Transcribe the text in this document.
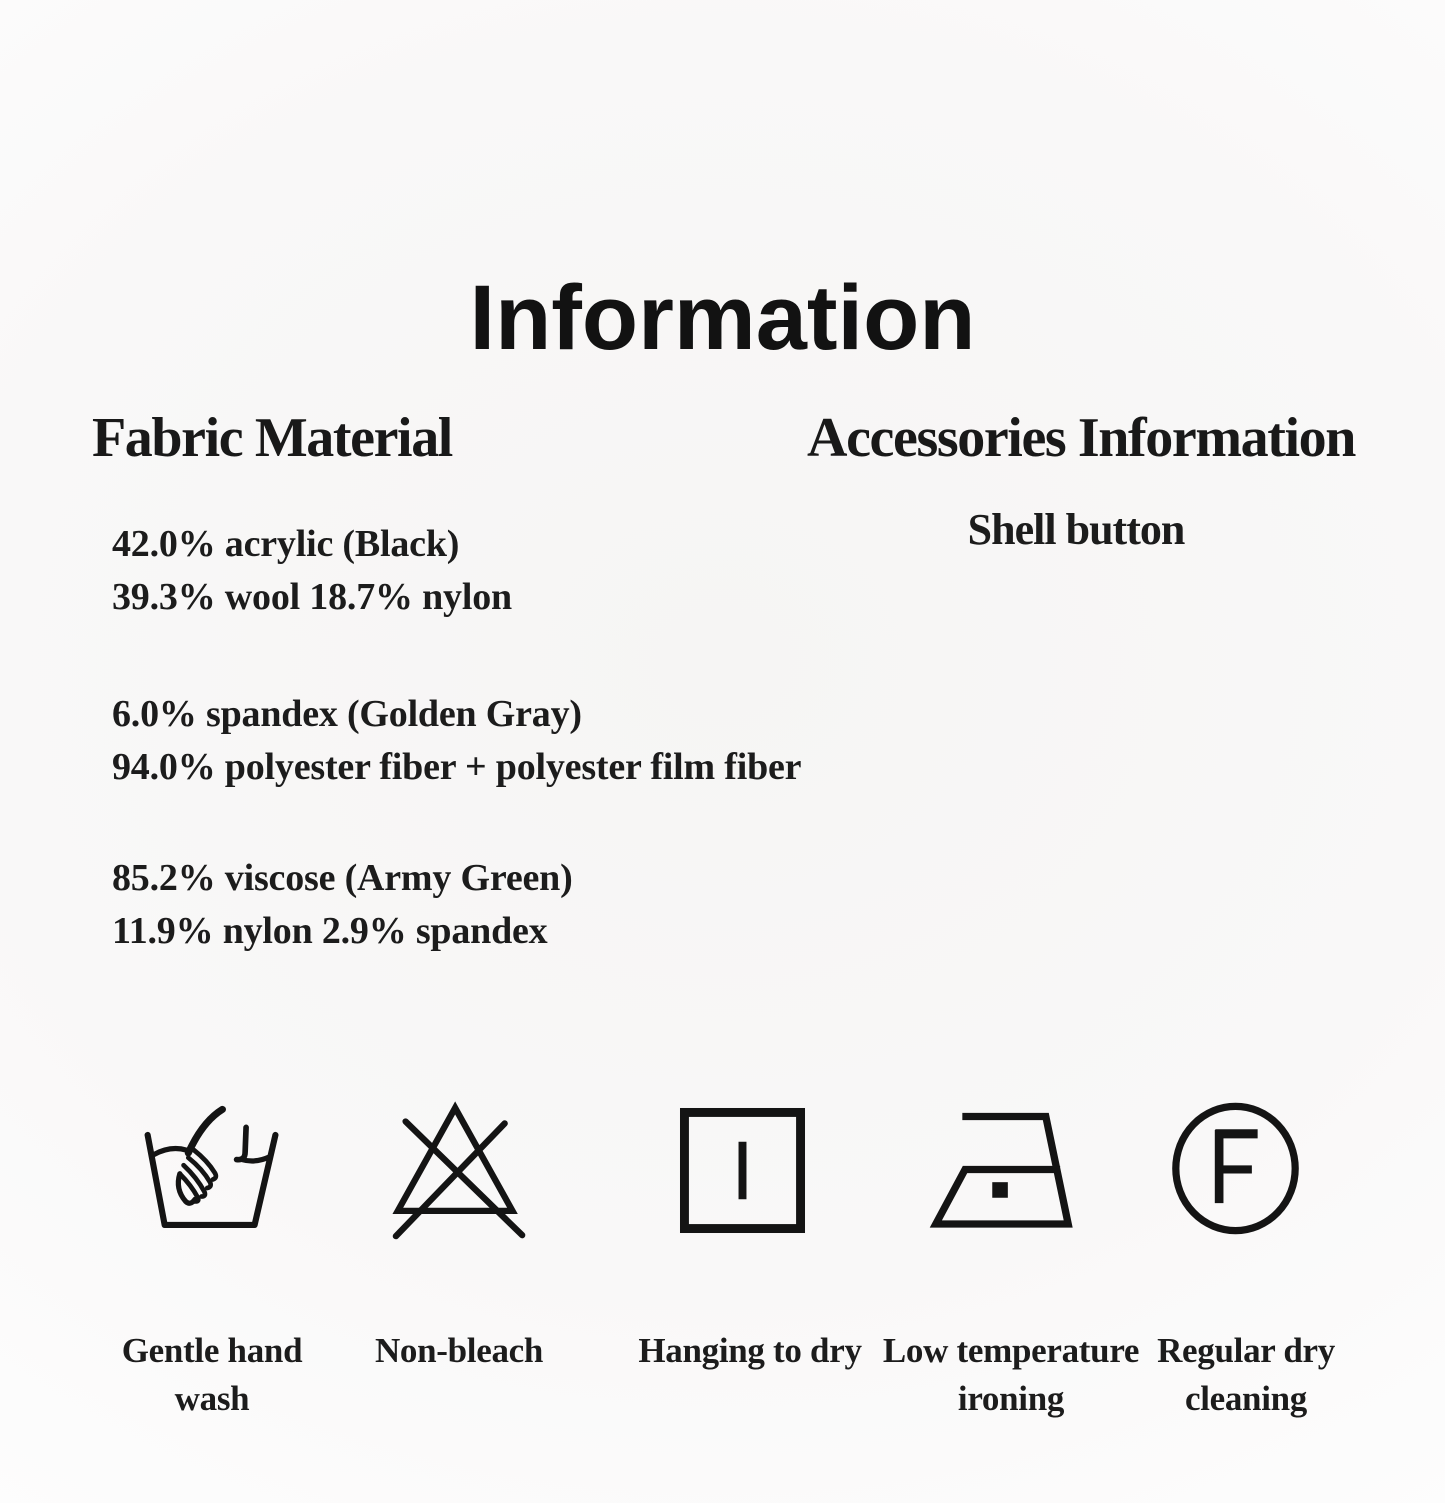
Information
Fabric Material
42.0% acrylic (Black)
39.3% wool 18.7% nylon
6.0% spandex (Golden Gray)
94.0% polyester fiber + polyester film fiber
85.2% viscose (Army Green)
11.9% nylon 2.9% spandex
Accessories Information
Shell button
Gentle hand
wash
Non-bleach	Hanging to dry Low temperature
ironing
Regular dry
cleaning
